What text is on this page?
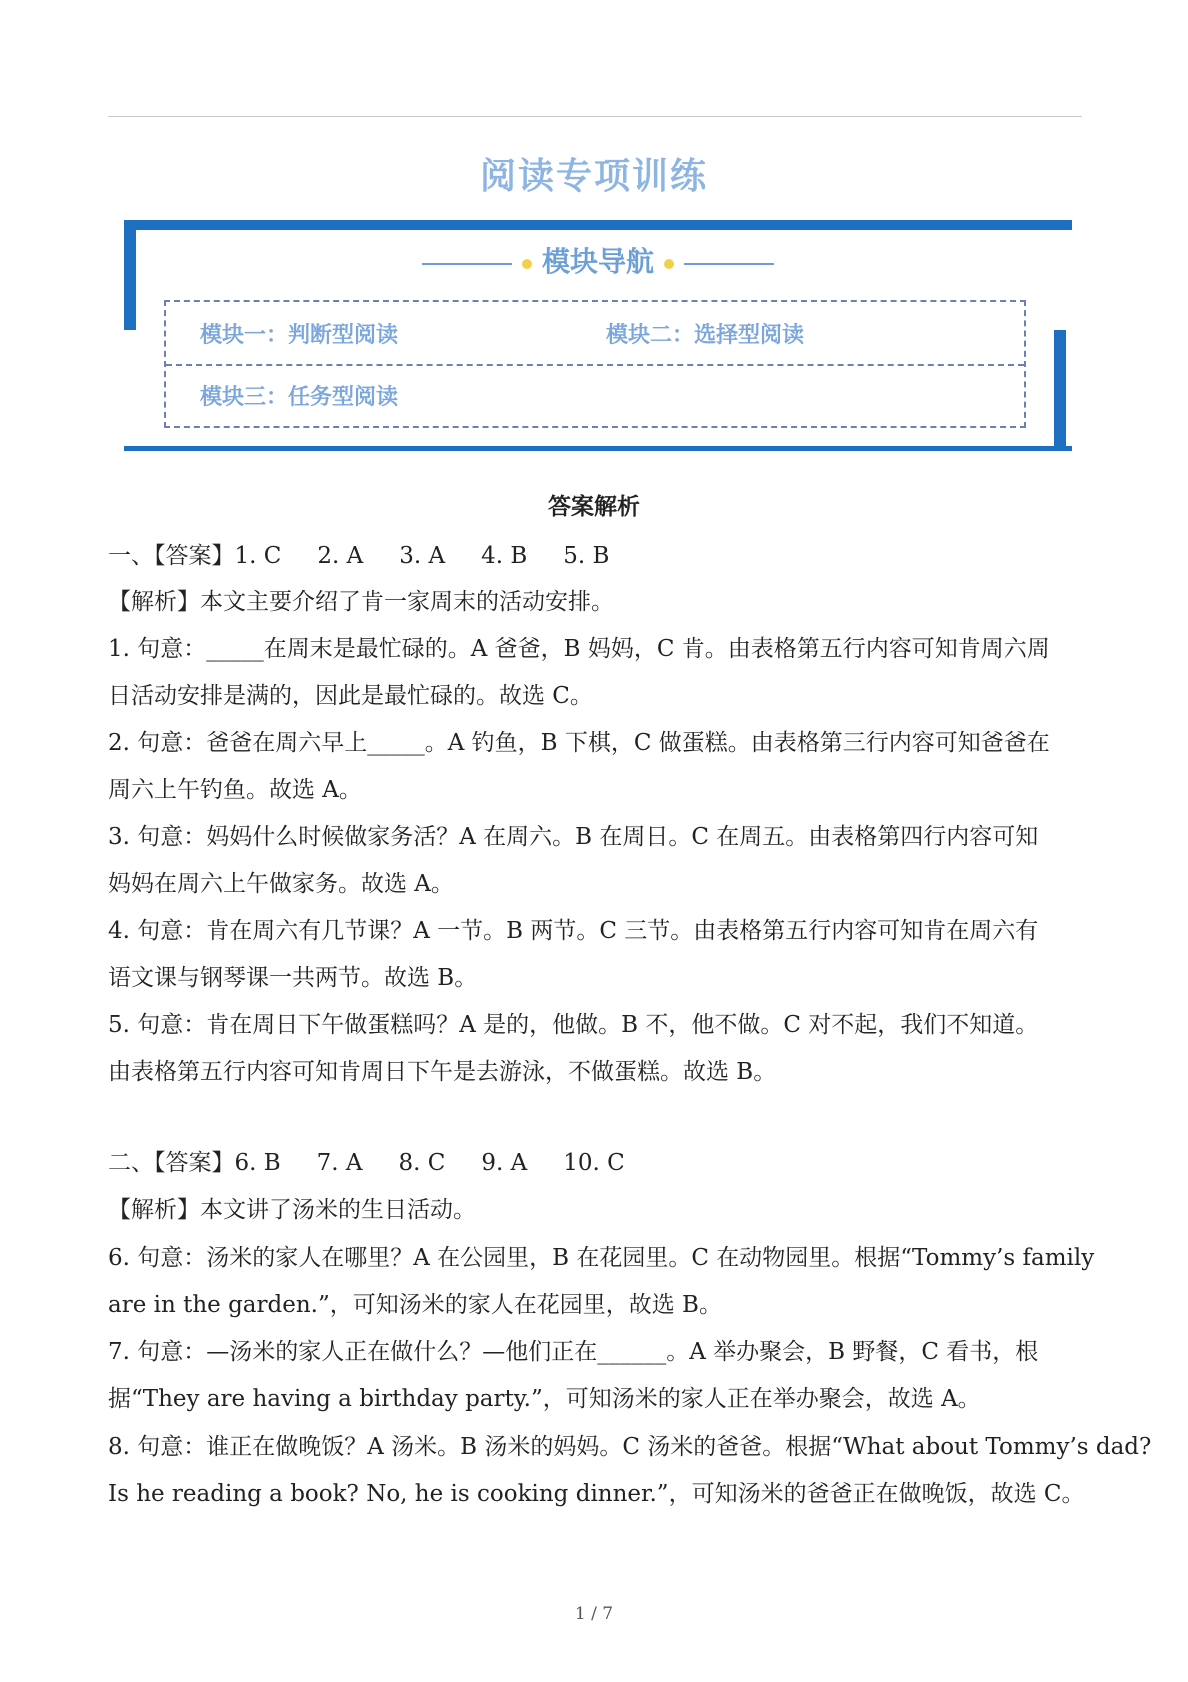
阅读专项训练
模块导航
模块一：判断型阅读	模块二：选择型阅读
模块三：任务型阅读
答案解析
一、【答案】1. C 2. A 3. A 4. B 5. B
【解析】本文主要介绍了肯一家周末的活动安排。
1. 句意：_____在周末是最忙碌的。A 爸爸，B 妈妈，C 肯。由表格第五行内容可知肯周六周
日活动安排是满的，因此是最忙碌的。故选 C。
2. 句意：爸爸在周六早上_____。A 钓鱼，B 下棋，C 做蛋糕。由表格第三行内容可知爸爸在
周六上午钓鱼。故选 A。
3. 句意：妈妈什么时候做家务活？A 在周六。B 在周日。C 在周五。由表格第四行内容可知
妈妈在周六上午做家务。故选 A。
4. 句意：肯在周六有几节课？A 一节。B 两节。C 三节。由表格第五行内容可知肯在周六有
语文课与钢琴课一共两节。故选 B。
5. 句意：肯在周日下午做蛋糕吗？A 是的，他做。B 不，他不做。C 对不起，我们不知道。
由表格第五行内容可知肯周日下午是去游泳，不做蛋糕。故选 B。
二、【答案】6. B 7. A 8. C 9. A 10. C
【解析】本文讲了汤米的生日活动。
6. 句意：汤米的家人在哪里？A 在公园里，B 在花园里。C 在动物园里。根据“Tommy’s family
are in the garden.”，可知汤米的家人在花园里，故选 B。
7. 句意：—汤米的家人正在做什么？—他们正在______。A 举办聚会，B 野餐，C 看书，根
据“They are having a birthday party.”，可知汤米的家人正在举办聚会，故选 A。
8. 句意：谁正在做晚饭？A 汤米。B 汤米的妈妈。C 汤米的爸爸。根据“What about Tommy’s dad?
Is he reading a book? No, he is cooking dinner.”，可知汤米的爸爸正在做晚饭，故选 C。
1 / 7
